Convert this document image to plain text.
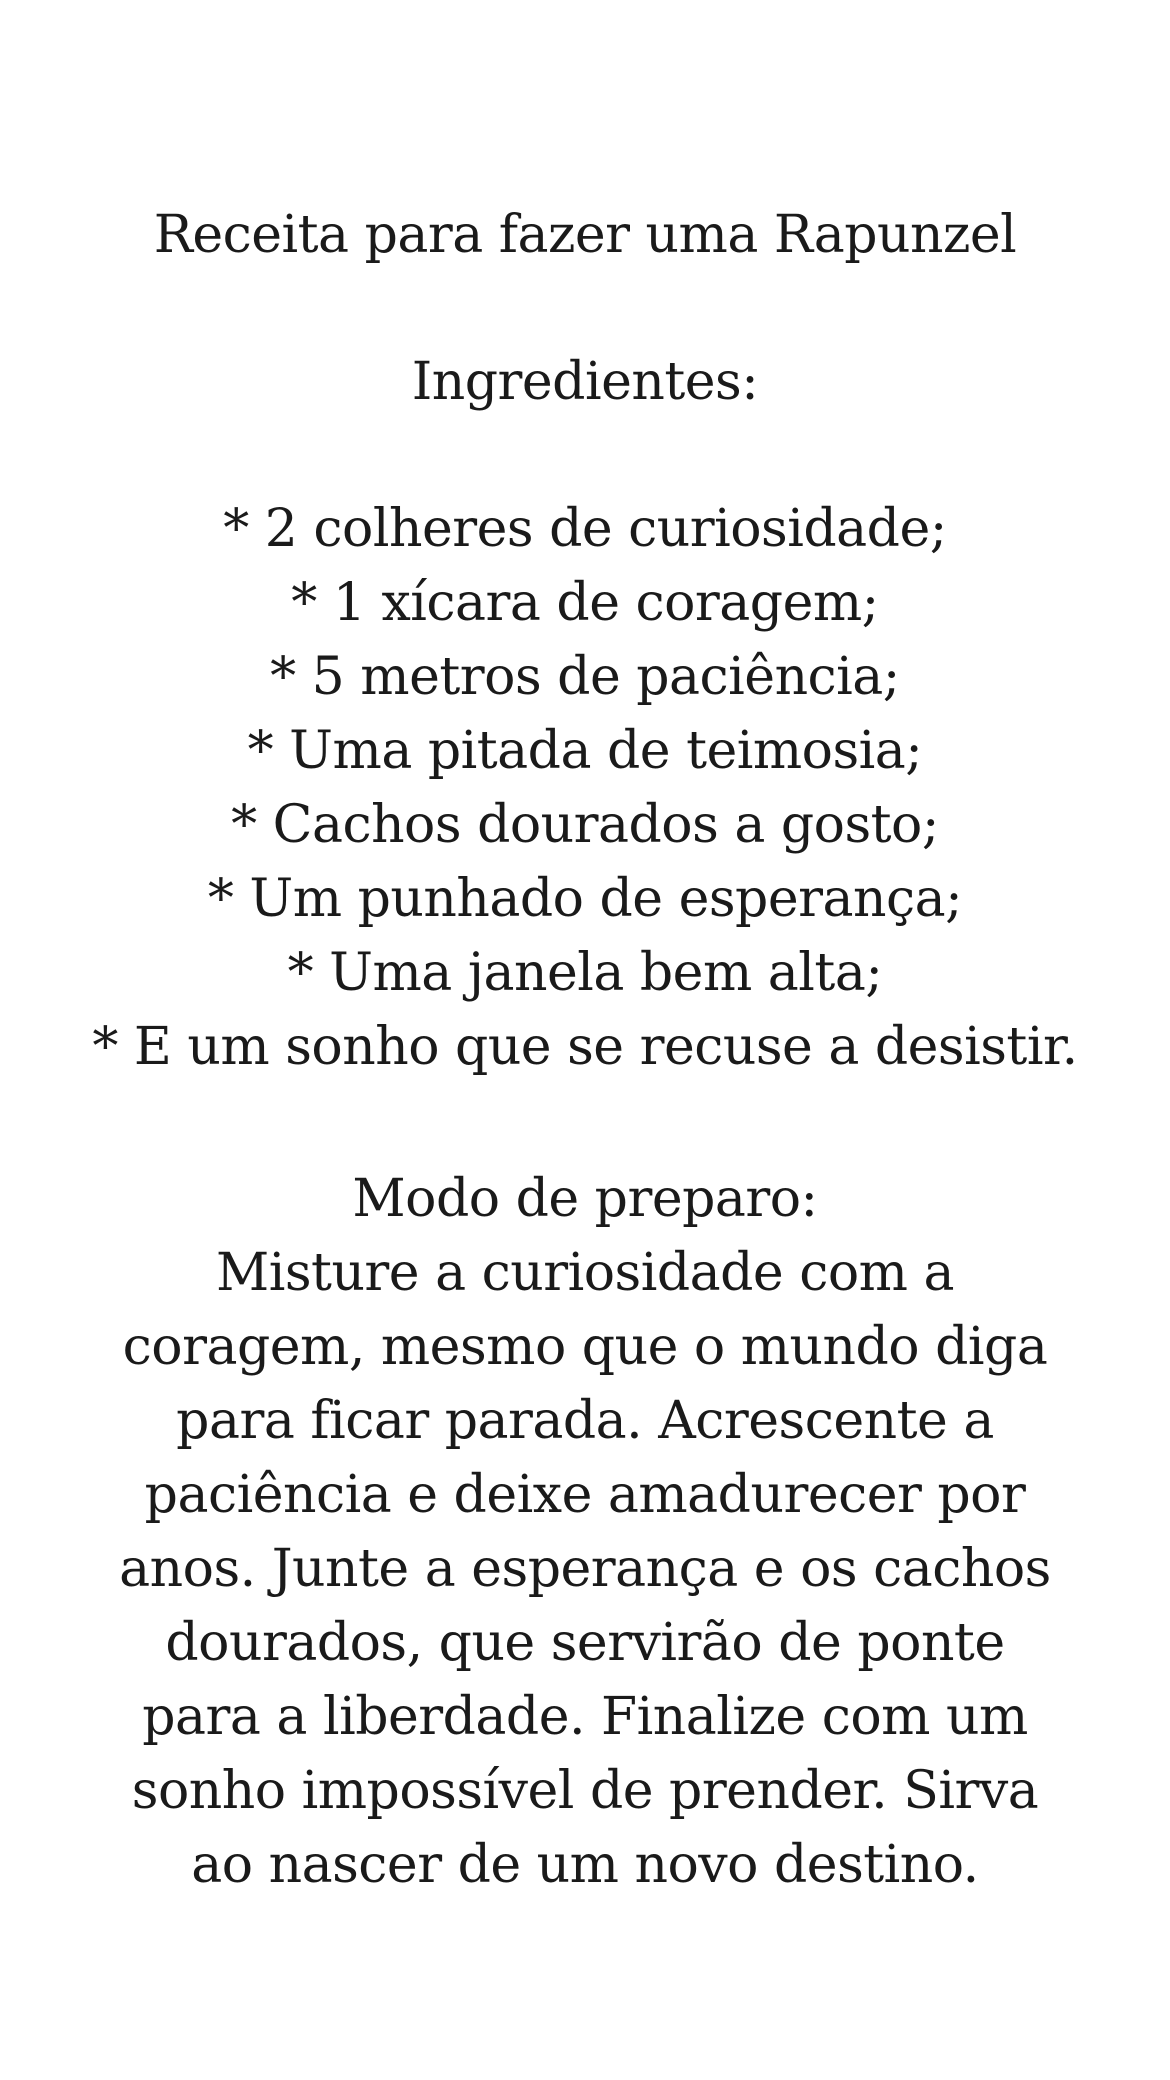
Receita para fazer uma Rapunzel
Ingredientes:
* 2 colheres de curiosidade;
* 1 xícara de coragem;
* 5 metros de paciência;
* Uma pitada de teimosia;
* Cachos dourados a gosto;
* Um punhado de esperança;
* Uma janela bem alta;
* E um sonho que se recuse a desistir.
Modo de preparo:
Misture a curiosidade com a
coragem, mesmo que o mundo diga
para ficar parada. Acrescente a
paciência e deixe amadurecer por
anos. Junte a esperança e os cachos
dourados, que servirão de ponte
para a liberdade. Finalize com um
sonho impossível de prender. Sirva
ao nascer de um novo destino.
